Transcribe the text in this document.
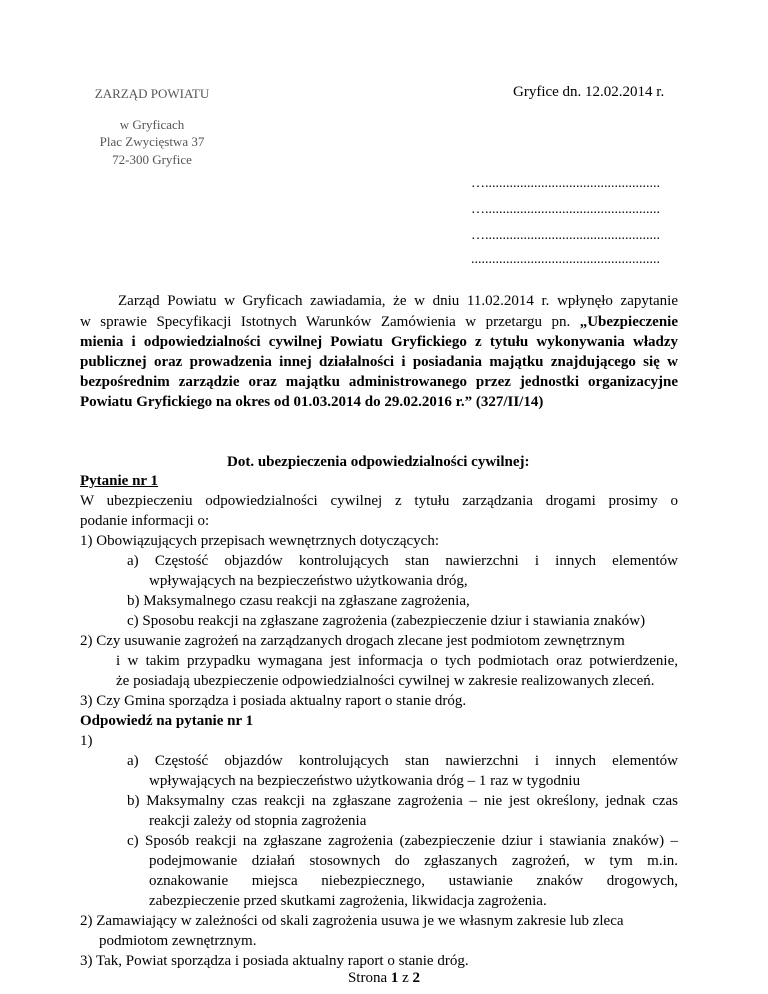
ZARZĄD POWIATU
w Gryficach
Plac Zwycięstwa 37
72-300 Gryfice
Gryfice dn. 12.02.2014 r.
…..................................................
…..................................................
…..................................................
......................................................
Zarząd Powiatu w Gryficach zawiadamia, że w dniu 11.02.2014 r. wpłynęło zapytanie
w sprawie Specyfikacji Istotnych Warunków Zamówienia w przetargu pn. „Ubezpieczenie
mienia i odpowiedzialności cywilnej Powiatu Gryfickiego z tytułu wykonywania władzy
publicznej oraz prowadzenia innej działalności i posiadania majątku znajdującego się w
bezpośrednim zarządzie oraz majątku administrowanego przez jednostki organizacyjne
Powiatu Gryfickiego na okres od 01.03.2014 do 29.02.2016 r.” (327/II/14)
Dot. ubezpieczenia odpowiedzialności cywilnej:
Pytanie nr 1
W ubezpieczeniu odpowiedzialności cywilnej z tytułu zarządzania drogami prosimy o
podanie informacji o:
1) Obowiązujących przepisach wewnętrznych dotyczących:
a) Częstość objazdów kontrolujących stan nawierzchni i innych elementów
wpływających na bezpieczeństwo użytkowania dróg,
b) Maksymalnego czasu reakcji na zgłaszane zagrożenia,
c) Sposobu reakcji na zgłaszane zagrożenia (zabezpieczenie dziur i stawiania znaków)
2) Czy usuwanie zagrożeń na zarządzanych drogach zlecane jest podmiotom zewnętrznym
i w takim przypadku wymagana jest informacja o tych podmiotach oraz potwierdzenie,
że posiadają ubezpieczenie odpowiedzialności cywilnej w zakresie realizowanych zleceń.
3) Czy Gmina sporządza i posiada aktualny raport o stanie dróg.
Odpowiedź na pytanie nr 1
1)
a) Częstość objazdów kontrolujących stan nawierzchni i innych elementów
wpływających na bezpieczeństwo użytkowania dróg – 1 raz w tygodniu
b) Maksymalny czas reakcji na zgłaszane zagrożenia – nie jest określony, jednak czas
reakcji zależy od stopnia zagrożenia
c) Sposób reakcji na zgłaszane zagrożenia (zabezpieczenie dziur i stawiania znaków) –
podejmowanie działań stosownych do zgłaszanych zagrożeń, w tym m.in.
oznakowanie miejsca niebezpiecznego, ustawianie znaków drogowych,
zabezpieczenie przed skutkami zagrożenia, likwidacja zagrożenia.
2) Zamawiający w zależności od skali zagrożenia usuwa je we własnym zakresie lub zleca
podmiotom zewnętrznym.
3) Tak, Powiat sporządza i posiada aktualny raport o stanie dróg.
Strona 1 z 2
